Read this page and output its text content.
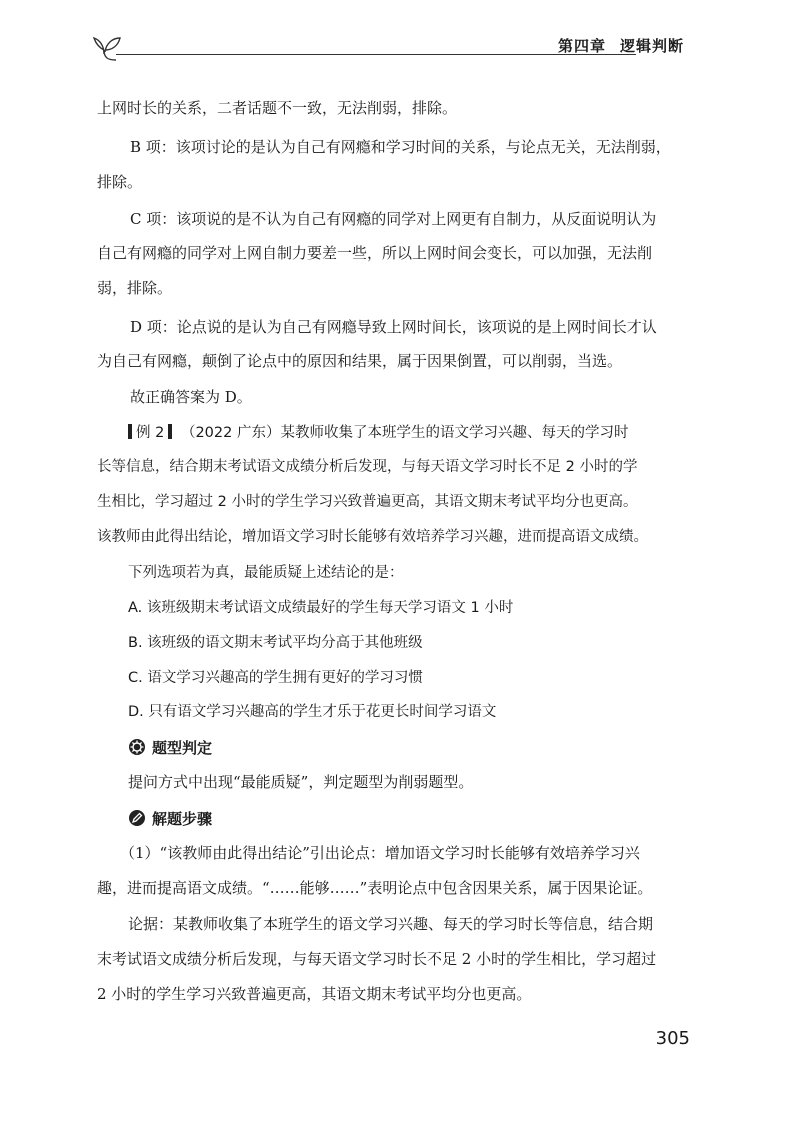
第四章 逻辑判断
上网时长的关系，二者话题不一致，无法削弱，排除。
B 项：该项讨论的是认为自己有网瘾和学习时间的关系，与论点无关，无法削弱，
排除。
C 项：该项说的是不认为自己有网瘾的同学对上网更有自制力，从反面说明认为
自己有网瘾的同学对上网自制力要差一些，所以上网时间会变长，可以加强，无法削
弱，排除。
D 项：论点说的是认为自己有网瘾导致上网时间长，该项说的是上网时间长才认
为自己有网瘾，颠倒了论点中的原因和结果，属于因果倒置，可以削弱，当选。
故正确答案为 D。
例 2 （2022 广东）某教师收集了本班学生的语文学习兴趣、每天的学习时
长等信息，结合期末考试语文成绩分析后发现，与每天语文学习时长不足 2 小时的学
生相比，学习超过 2 小时的学生学习兴致普遍更高，其语文期末考试平均分也更高。
该教师由此得出结论，增加语文学习时长能够有效培养学习兴趣，进而提高语文成绩。
下列选项若为真，最能质疑上述结论的是：
A. 该班级期末考试语文成绩最好的学生每天学习语文 1 小时
B. 该班级的语文期末考试平均分高于其他班级
C. 语文学习兴趣高的学生拥有更好的学习习惯
D. 只有语文学习兴趣高的学生才乐于花更长时间学习语文
题型判定
提问方式中出现“最能质疑”，判定题型为削弱题型。
解题步骤
（1）“该教师由此得出结论”引出论点：增加语文学习时长能够有效培养学习兴
趣，进而提高语文成绩。“……能够……”表明论点中包含因果关系，属于因果论证。
论据：某教师收集了本班学生的语文学习兴趣、每天的学习时长等信息，结合期
末考试语文成绩分析后发现，与每天语文学习时长不足 2 小时的学生相比，学习超过
2 小时的学生学习兴致普遍更高，其语文期末考试平均分也更高。
305
